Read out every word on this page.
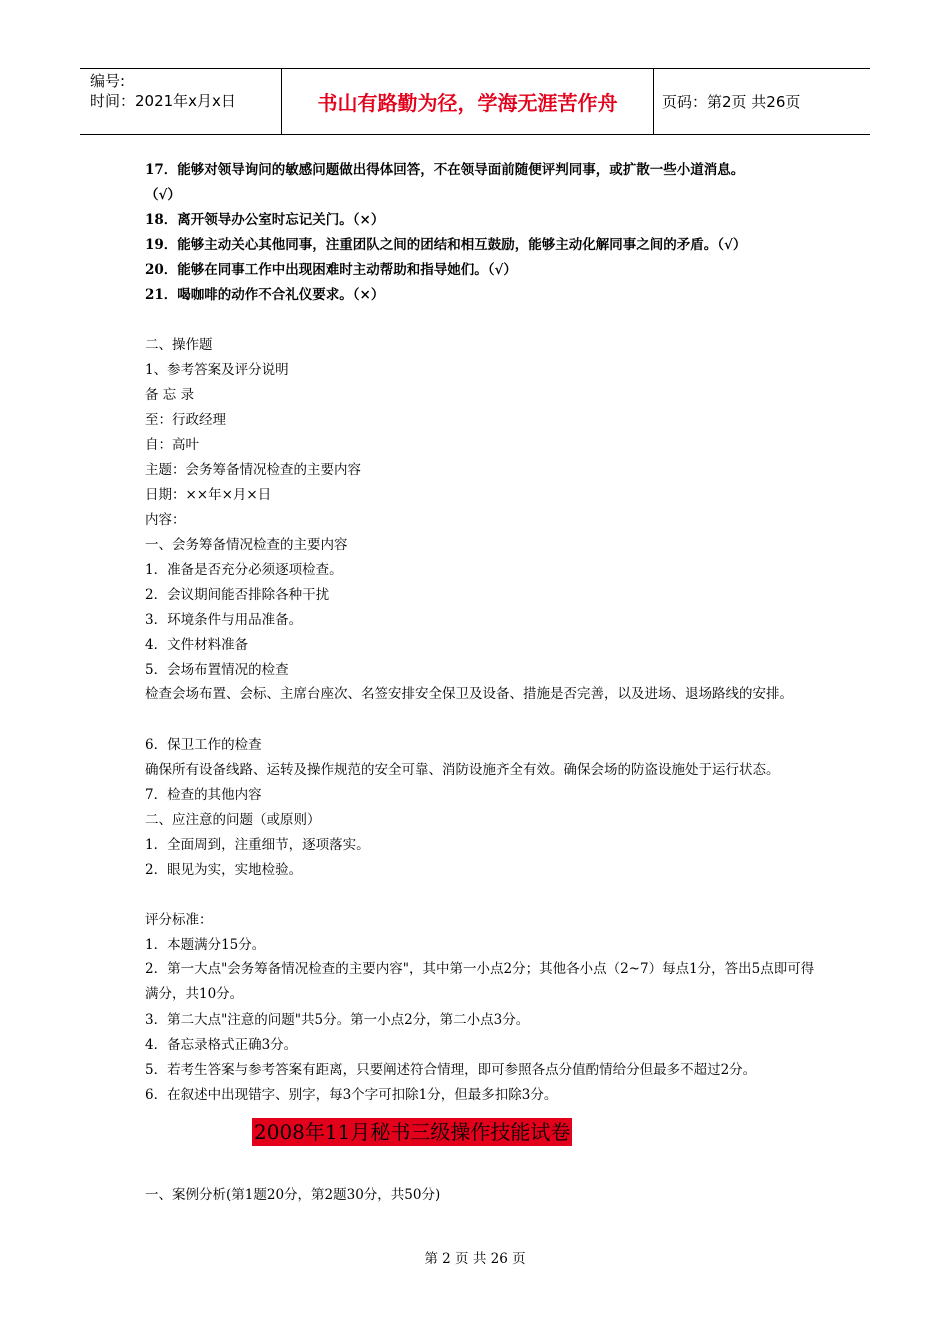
编号:
时间：2021年x月x日	书山有路勤为径，学海无涯苦作舟	页码：第2页 共26页
17．能够对领导询问的敏感问题做出得体回答，不在领导面前随便评判同事，或扩散一些小道消息。
（√）
18．离开领导办公室时忘记关门。（×）
19．能够主动关心其他同事，注重团队之间的团结和相互鼓励，能够主动化解同事之间的矛盾。（√）
20．能够在同事工作中出现困难时主动帮助和指导她们。（√）
21．喝咖啡的动作不合礼仪要求。（×）
二、操作题
1、参考答案及评分说明
备 忘 录
至：行政经理
自：高叶
主题：会务筹备情况检查的主要内容
日期：××年×月×日
内容：
一、会务筹备情况检查的主要内容
1．准备是否充分必须逐项检查。
2．会议期间能否排除各种干扰
3．环境条件与用品准备。
4．文件材料准备
5．会场布置情况的检查
检查会场布置、会标、主席台座次、名签安排安全保卫及设备、措施是否完善，以及进场、退场路线的安排。
6．保卫工作的检查
确保所有设备线路、运转及操作规范的安全可靠、消防设施齐全有效。确保会场的防盗设施处于运行状态。
7．检查的其他内容
二、应注意的问题（或原则）
1．全面周到，注重细节，逐项落实。
2．眼见为实，实地检验。
评分标准：
1．本题满分15分。
2．第一大点"会务筹备情况检查的主要内容"，其中第一小点2分；其他各小点（2~7）每点1分，答出5点即可得满分，共10分。
3．第二大点"注意的问题"共5分。第一小点2分，第二小点3分。
4．备忘录格式正确3分。
5．若考生答案与参考答案有距离，只要阐述符合情理，即可参照各点分值酌情给分但最多不超过2分。
6．在叙述中出现错字、别字，每3个字可扣除1分，但最多扣除3分。
一、案例分析(第1题20分，第2题30分，共50分)
2008年11月秘书三级操作技能试卷
第 2 页 共 26 页
